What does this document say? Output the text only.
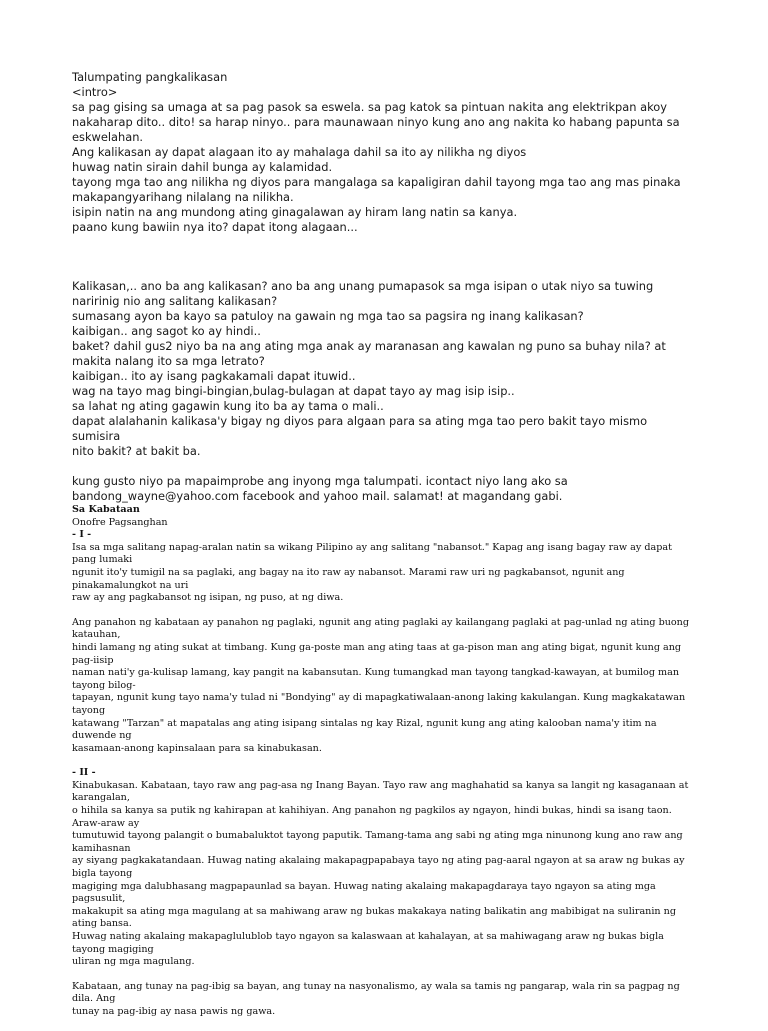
Talumpating pangkalikasan

<intro>

sa pag gising sa umaga at sa pag pasok sa eswela. sa pag katok sa pintuan nakita ang elektrikpan akoy

nakaharap dito.. dito! sa harap ninyo.. para maunawaan ninyo kung ano ang nakita ko habang papunta sa

eskwelahan.

Ang kalikasan ay dapat alagaan ito ay mahalaga dahil sa ito ay nilikha ng diyos

huwag natin sirain dahil bunga ay kalamidad.

tayong mga tao ang nilikha ng diyos para mangalaga sa kapaligiran dahil tayong mga tao ang mas pinaka

makapangyarihang nilalang na nilikha.

isipin natin na ang mundong ating ginagalawan ay hiram lang natin sa kanya.

paano kung bawiin nya ito? dapat itong alagaan...

Kalikasan,.. ano ba ang kalikasan? ano ba ang unang pumapasok sa mga isipan o utak niyo sa tuwing

naririnig nio ang salitang kalikasan?

sumasang ayon ba kayo sa patuloy na gawain ng mga tao sa pagsira ng inang kalikasan?

kaibigan.. ang sagot ko ay hindi..

baket? dahil gus2 niyo ba na ang ating mga anak ay maranasan ang kawalan ng puno sa buhay nila? at

makita nalang ito sa mga letrato?

kaibigan.. ito ay isang pagkakamali dapat ituwid..

wag na tayo mag bingi-bingian,bulag-bulagan at dapat tayo ay mag isip isip..

sa lahat ng ating gagawin kung ito ba ay tama o mali..

dapat alalahanin kalikasa'y bigay ng diyos para algaan para sa ating mga tao pero bakit tayo mismo sumisira

nito bakit? at bakit ba.

kung gusto niyo pa mapaimprobe ang inyong mga talumpati. icontact niyo lang ako sa

bandong_wayne@yahoo.com facebook and yahoo mail. salamat! at magandang gabi.

Sa Kabataan

Onofre Pagsanghan

- I -

Isa sa mga salitang napag-aralan natin sa wikang Pilipino ay ang salitang "nabansot." Kapag ang isang bagay raw ay dapat pang lumaki

ngunit ito'y tumigil na sa paglaki, ang bagay na ito raw ay nabansot. Marami raw uri ng pagkabansot, ngunit ang pinakamalungkot na uri

raw ay ang pagkabansot ng isipan, ng puso, at ng diwa.

Ang panahon ng kabataan ay panahon ng paglaki, ngunit ang ating paglaki ay kailangang paglaki at pag-unlad ng ating buong katauhan,

hindi lamang ng ating sukat at timbang. Kung ga-poste man ang ating taas at ga-pison man ang ating bigat, ngunit kung ang pag-iisip

naman nati'y ga-kulisap lamang, kay pangit na kabansutan. Kung tumangkad man tayong tangkad-kawayan, at bumilog man tayong bilog-

tapayan, ngunit kung tayo nama'y tulad ni "Bondying" ay di mapagkatiwalaan-anong laking kakulangan. Kung magkakatawan tayong

katawang "Tarzan" at mapatalas ang ating isipang sintalas ng kay Rizal, ngunit kung ang ating kalooban nama'y itim na duwende ng

kasamaan-anong kapinsalaan para sa kinabukasan.

- II -

Kinabukasan. Kabataan, tayo raw ang pag-asa ng Inang Bayan. Tayo raw ang maghahatid sa kanya sa langit ng kasaganaan at karangalan,

o hihila sa kanya sa putik ng kahirapan at kahihiyan. Ang panahon ng pagkilos ay ngayon, hindi bukas, hindi sa isang taon. Araw-araw ay

tumutuwid tayong palangit o bumabaluktot tayong paputik. Tamang-tama ang sabi ng ating mga ninunong kung ano raw ang kamihasnan

ay siyang pagkakatandaan. Huwag nating akalaing makapagpapabaya tayo ng ating pag-aaral ngayon at sa araw ng bukas ay bigla tayong

magiging mga dalubhasang magpapaunlad sa bayan. Huwag nating akalaing makapagdaraya tayo ngayon sa ating mga pagsusulit,

makakupit sa ating mga magulang at sa mahiwang araw ng bukas makakaya nating balikatin ang mabibigat na suliranin ng ating bansa.

Huwag nating akalaing makapaglulublob tayo ngayon sa kalaswaan at kahalayan, at sa mahiwagang araw ng bukas bigla tayong magiging

uliran ng mga magulang.

Kabataan, ang tunay na pag-ibig sa bayan, ang tunay na nasyonalismo, ay wala sa tamis ng pangarap, wala rin sa pagpag ng dila. Ang

tunay na pag-ibig ay nasa pawis ng gawa.
